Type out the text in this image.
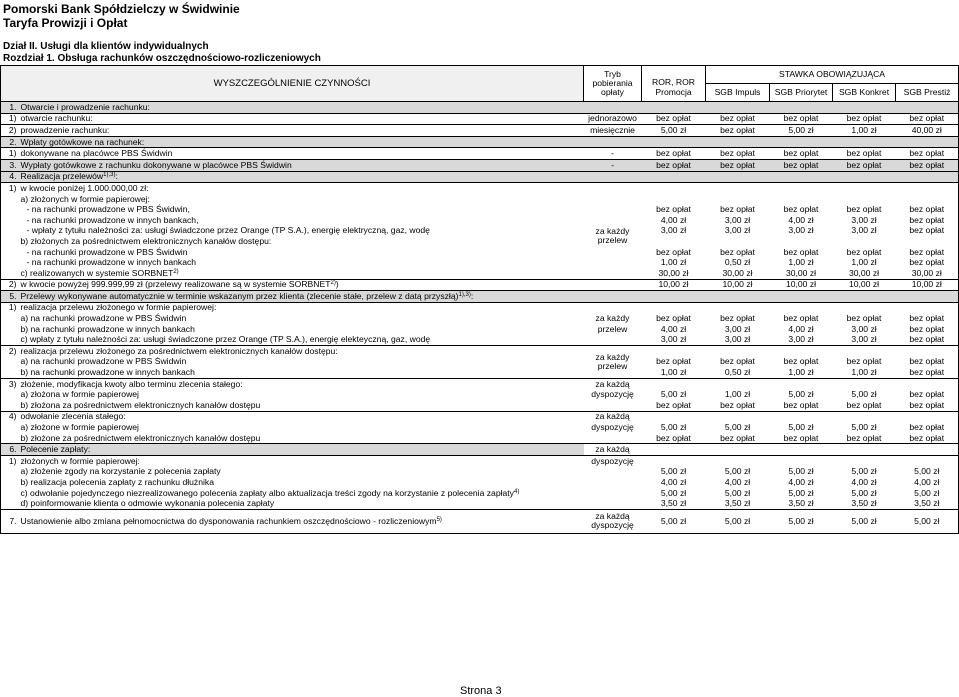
Pomorski Bank Spółdzielczy w Świdwinie
Taryfa Prowizji i Opłat
Dział II. Usługi dla klientów indywidualnych
Rozdział 1. Obsługa rachunków oszczędnościowo-rozliczeniowych
WYSZCZEGÓLNIENIE CZYNNOŚCI		Tryb pobierania opłaty	ROR, ROR Promocja	STAWKA OBOWIĄZUJĄCA			
				SGB Impuls	SGB Priorytet	SGB Konkret	SGB Prestiż
1.	Otwarcie i prowadzenie rachunku:						
1)	otwarcie rachunku:	jednorazowo	bez opłat	bez opłat	bez opłat	bez opłat	bez opłat
2)	prowadzenie rachunku:	miesięcznie	5,00 zł	bez opłat	5,00 zł	1,00 zł	40,00 zł
2.	Wpłaty gotówkowe na rachunek:						
1)	dokonywane na placówce PBS Świdwin	-	bez opłat	bez opłat	bez opłat	bez opłat	bez opłat
3.	Wypłaty gotówkowe z rachunku dokonywane w placówce PBS Świdwin	-	bez opłat	bez opłat	bez opłat	bez opłat	bez opłat
4.	Realizacja przelewów$^{1),3)}$:						
1)	w kwocie poniżej 1.000.000,00 zł:						
	a) złożonych w formie papierowej:						
	- na rachunki prowadzone w PBS Świdwin,		bez opłat	bez opłat	bez opłat	bez opłat	bez opłat
	- na rachunki prowadzone w innych bankach,		4,00 zł	3,00 zł	4,00 zł	3,00 zł	bez opłat
	- wpłaty z tytułu należności za: usługi świadczone przez Orange (TP S.A.), energię elektryczną, gaz, wodę	za każdy przelew	3,00 zł	3,00 zł	3,00 zł	3,00 zł	bez opłat
	b) złożonych za pośrednictwem elektronicznych kanałów dostępu:						
	- na rachunki prowadzone w PBS Świdwin		bez opłat	bez opłat	bez opłat	bez opłat	bez opłat
	- na rachunki prowadzone w innych bankach		1,00 zł	0,50 zł	1,00 zł	1,00 zł	bez opłat
	c) realizowanych w systemie SORBNET$^{2)}$		30,00 zł	30,00 zł	30,00 zł	30,00 zł	30,00 zł
2)	w kwocie powyżej 999.999,99 zł (przelewy realizowane są w systemie SORBNET$^{2)}$)		10,00 zł	10,00 zł	10,00 zł	10,00 zł	10,00 zł
5.	Przelewy wykonywane automatycznie w terminie wskazanym przez klienta (zlecenie stałe, przelew z datą przyszłą)$^{1),3)}$:						
1)	realizacja przelewu złożonego w formie papierowej:						
	a) na rachunki prowadzone w PBS Świdwin	za każdy	bez opłat	bez opłat	bez opłat	bez opłat	bez opłat
	b) na rachunki prowadzone w innych bankach	przelew	4,00 zł	3,00 zł	4,00 zł	3,00 zł	bez opłat
	c) wpłaty z tytułu należności za: usługi świadczone przez Orange (TP S.A.), energię elekteyczną, gaz, wodę		3,00 zł	3,00 zł	3,00 zł	3,00 zł	bez opłat
2)	realizacja przelewu złożonego za pośrednictwem elektronicznych kanałów dostępu:	za każdy przelew					
	a) na rachunki prowadzone w PBS Świdwin		bez opłat	bez opłat	bez opłat	bez opłat	bez opłat
	b) na rachunki prowadzone w innych bankach		1,00 zł	0,50 zł	1,00 zł	1,00 zł	bez opłat
3)	złożenie, modyfikacja kwoty albo terminu zlecenia stałego:	za każdą					
	a) złożona w formie papierowej	dyspozycję	5,00 zł	1,00 zł	5,00 zł	5,00 zł	bez opłat
	b) złożona za pośrednictwem elektronicznych kanałów dostępu		bez opłat	bez opłat	bez opłat	bez opłat	bez opłat
4)	odwołanie zlecenia stałego:	za każdą					
	a) złożone w formie papierowej	dyspozycję	5,00 zł	5,00 zł	5,00 zł	5,00 zł	bez opłat
	b) złożone za pośrednictwem elektronicznych kanałów dostępu		bez opłat	bez opłat	bez opłat	bez opłat	bez opłat
6.	Polecenie zapłaty:	za każdą					
1)	złożonych w formie papierowej:	dyspozycję					
	a) złożenie zgody na korzystanie z polecenia zapłaty		5,00 zł	5,00 zł	5,00 zł	5,00 zł	5,00 zł
	b) realizacja polecenia zapłaty z rachunku dłużnika		4,00 zł	4,00 zł	4,00 zł	4,00 zł	4,00 zł
	c) odwołanie pojedynczego niezrealizowanego polecenia zapłaty albo aktualizacja treści zgody na korzystanie z polecenia zapłaty$^{4)}$		5,00 zł	5,00 zł	5,00 zł	5,00 zł	5,00 zł
	d) poinformowanie klienta o odmowie wykonania polecenia zapłaty		3,50 zł	3,50 zł	3,50 zł	3,50 zł	3,50 zł
7.	Ustanowienie albo zmiana pełnomocnictwa do dysponowania rachunkiem oszczędnościowo - rozliczeniowym$^{5)}$	za każdą dyspozycję	5,00 zł	5,00 zł	5,00 zł	5,00 zł	5,00 zł
Strona 3
